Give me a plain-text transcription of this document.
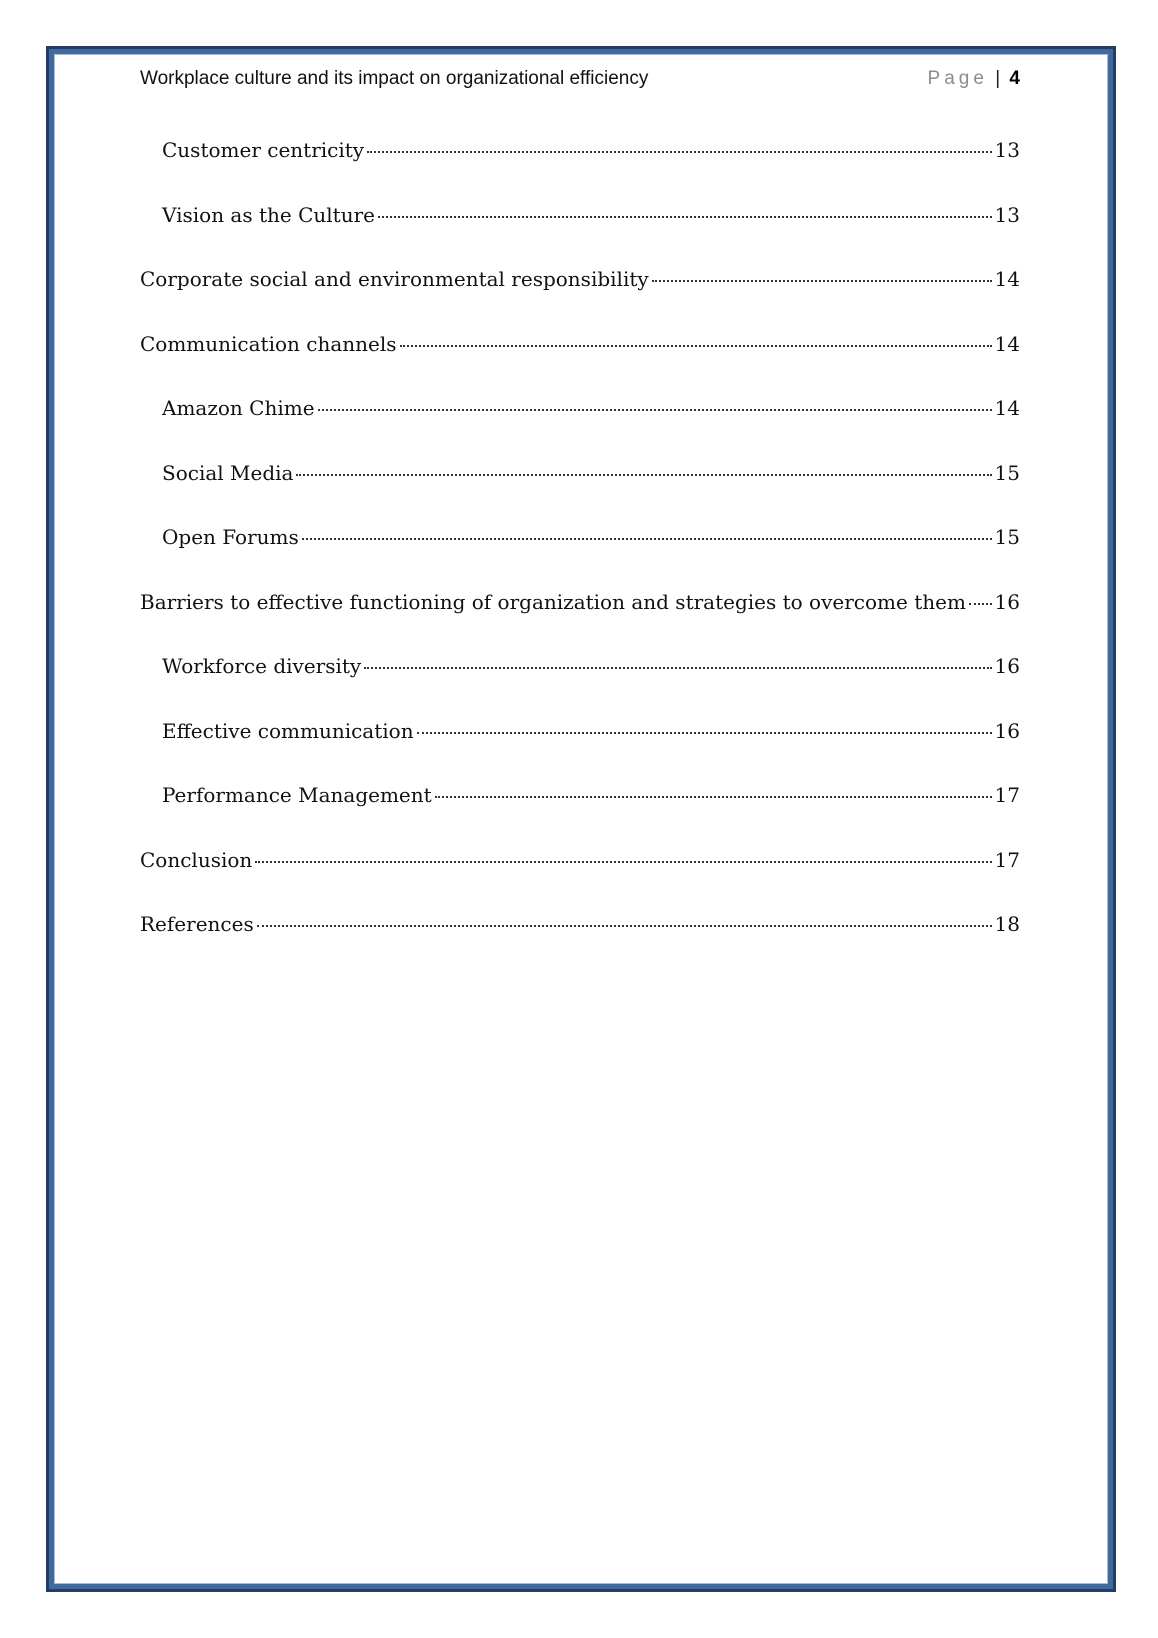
Workplace culture and its impact on organizational efficiency	Page | 4
Customer centricity	13
Vision as the Culture	13
Corporate social and environmental responsibility	14
Communication channels	14
Amazon Chime	14
Social Media	15
Open Forums	15
Barriers to effective functioning of organization and strategies to overcome them 16
Workforce diversity	16
Effective communication	16
Performance Management	17
Conclusion	17
References	18
